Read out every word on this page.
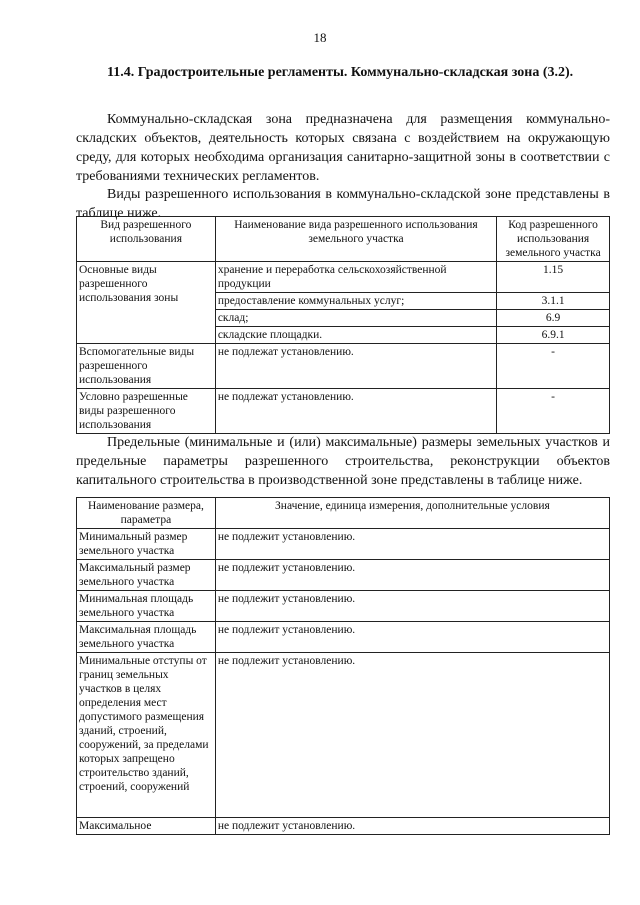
18
11.4. Градостроительные регламенты. Коммунально-складская зона (3.2).
Коммунально-складская зона предназначена для размещения коммунально-складских объектов, деятельность которых связана с воздействием на окружающую среду, для которых необходима организация санитарно-защитной зоны в соответствии с требованиями технических регламентов.
Виды разрешенного использования в коммунально-складской зоне представлены в таблице ниже.
Вид разрешенного использования	Наименование вида разрешенного использования земельного участка	Код разрешенного использования земельного участка
Основные виды разрешенного использования зоны	хранение и переработка сельскохозяйственной продукции	1.15
	предоставление коммунальных услуг;	3.1.1
	склад;	6.9
	складские площадки.	6.9.1
Вспомогательные виды разрешенного использования	не подлежат установлению.	-
Условно разрешенные виды разрешенного использования	не подлежат установлению.	-
Предельные (минимальные и (или) максимальные) размеры земельных участков и предельные параметры разрешенного строительства, реконструкции объектов капитального строительства в производственной зоне представлены в таблице ниже.
Наименование размера, параметра	Значение, единица измерения, дополнительные условия
Минимальный размер земельного участка	не подлежит установлению.
Максимальный размер земельного участка	не подлежит установлению.
Минимальная площадь земельного участка	не подлежит установлению.
Максимальная площадь земельного участка	не подлежит установлению.
Минимальные отступы от границ земельных участков в целях определения мест допустимого размещения зданий, строений, сооружений, за пределами которых запрещено строительство зданий, строений, сооружений	не подлежит установлению.
Максимальное	не подлежит установлению.
